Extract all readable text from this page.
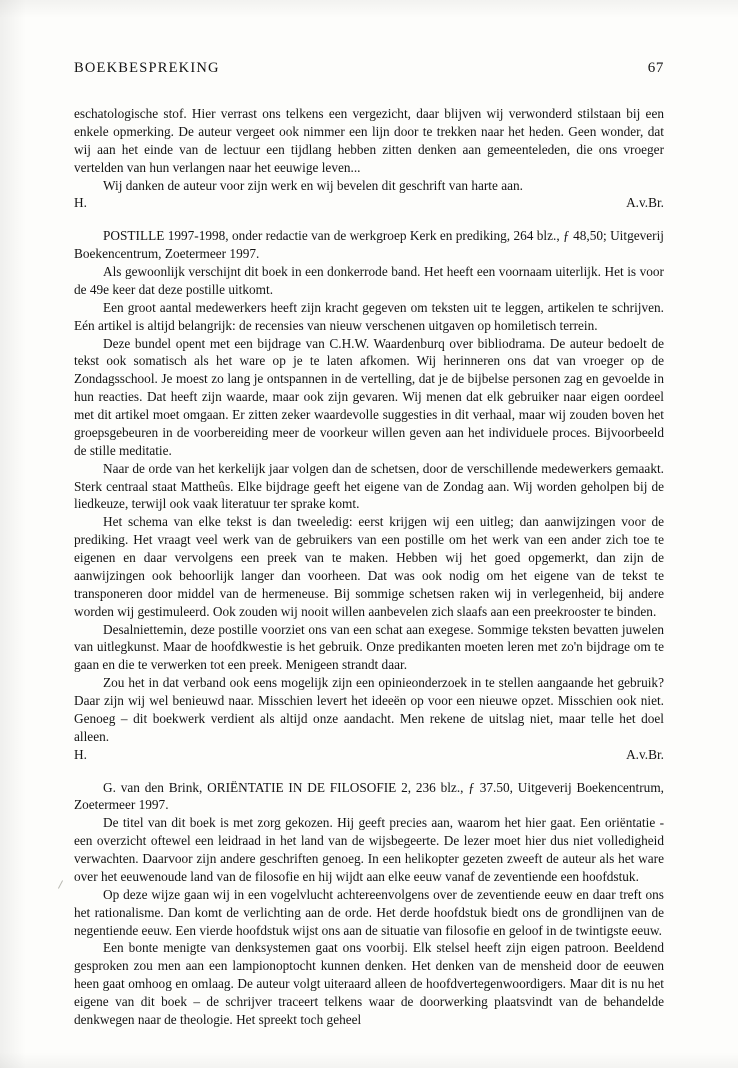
BOEKBESPREKING	67

eschatologische stof. Hier verrast ons telkens een vergezicht, daar blijven wij verwonderd stilstaan bij een enkele opmerking. De auteur vergeet ook nimmer een lijn door te trekken naar het heden. Geen wonder, dat wij aan het einde van de lectuur een tijdlang hebben zitten denken aan gemeenteleden, die ons vroeger vertelden van hun verlangen naar het eeuwige leven...

Wij danken de auteur voor zijn werk en wij bevelen dit geschrift van harte aan.

H.	A.v.Br.

POSTILLE 1997-1998, onder redactie van de werkgroep Kerk en prediking, 264 blz., ƒ 48,50; Uitgeverij Boekencentrum, Zoetermeer 1997.

Als gewoonlijk verschijnt dit boek in een donkerrode band. Het heeft een voornaam uiterlijk. Het is voor de 49e keer dat deze postille uitkomt.

Een groot aantal medewerkers heeft zijn kracht gegeven om teksten uit te leggen, artikelen te schrijven. Eén artikel is altijd belangrijk: de recensies van nieuw verschenen uitgaven op homiletisch terrein.

Deze bundel opent met een bijdrage van C.H.W. Waardenburq over bibliodrama. De auteur bedoelt de tekst ook somatisch als het ware op je te laten afkomen. Wij herinneren ons dat van vroeger op de Zondagsschool. Je moest zo lang je ontspannen in de vertelling, dat je de bijbelse personen zag en gevoelde in hun reacties. Dat heeft zijn waarde, maar ook zijn gevaren. Wij menen dat elk gebruiker naar eigen oordeel met dit artikel moet omgaan. Er zitten zeker waardevolle suggesties in dit verhaal, maar wij zouden boven het groepsgebeuren in de voorbereiding meer de voorkeur willen geven aan het individuele proces. Bijvoorbeeld de stille meditatie.

Naar de orde van het kerkelijk jaar volgen dan de schetsen, door de verschillende medewerkers gemaakt. Sterk centraal staat Mattheûs. Elke bijdrage geeft het eigene van de Zondag aan. Wij worden geholpen bij de liedkeuze, terwijl ook vaak literatuur ter sprake komt.

Het schema van elke tekst is dan tweeledig: eerst krijgen wij een uitleg; dan aanwijzingen voor de prediking. Het vraagt veel werk van de gebruikers van een postille om het werk van een ander zich toe te eigenen en daar vervolgens een preek van te maken. Hebben wij het goed opgemerkt, dan zijn de aanwijzingen ook behoorlijk langer dan voorheen. Dat was ook nodig om het eigene van de tekst te transponeren door middel van de hermeneuse. Bij sommige schetsen raken wij in verlegenheid, bij andere worden wij gestimuleerd. Ook zouden wij nooit willen aanbevelen zich slaafs aan een preekrooster te binden.

Desalniettemin, deze postille voorziet ons van een schat aan exegese. Sommige teksten bevatten juwelen van uitlegkunst. Maar de hoofdkwestie is het gebruik. Onze predikanten moeten leren met zo'n bijdrage om te gaan en die te verwerken tot een preek. Menigeen strandt daar.

Zou het in dat verband ook eens mogelijk zijn een opinieonderzoek in te stellen aangaande het gebruik? Daar zijn wij wel benieuwd naar. Misschien levert het ideeën op voor een nieuwe opzet. Misschien ook niet. Genoeg – dit boekwerk verdient als altijd onze aandacht. Men rekene de uitslag niet, maar telle het doel alleen.

H.	A.v.Br.

G. van den Brink, ORIËNTATIE IN DE FILOSOFIE 2, 236 blz., ƒ 37.50, Uitgeverij Boekencentrum, Zoetermeer 1997.

De titel van dit boek is met zorg gekozen. Hij geeft precies aan, waarom het hier gaat. Een oriëntatie - een overzicht oftewel een leidraad in het land van de wijsbegeerte. De lezer moet hier dus niet volledigheid verwachten. Daarvoor zijn andere geschriften genoeg. In een helikopter gezeten zweeft de auteur als het ware over het eeuwenoude land van de filosofie en hij wijdt aan elke eeuw vanaf de zeventiende een hoofdstuk.

Op deze wijze gaan wij in een vogelvlucht achtereenvolgens over de zeventiende eeuw en daar treft ons het rationalisme. Dan komt de verlichting aan de orde. Het derde hoofdstuk biedt ons de grondlijnen van de negentiende eeuw. Een vierde hoofdstuk wijst ons aan de situatie van filosofie en geloof in de twintigste eeuw.

Een bonte menigte van denksystemen gaat ons voorbij. Elk stelsel heeft zijn eigen patroon. Beeldend gesproken zou men aan een lampionoptocht kunnen denken. Het denken van de mensheid door de eeuwen heen gaat omhoog en omlaag. De auteur volgt uiteraard alleen de hoofdvertegenwoordigers. Maar dit is nu het eigene van dit boek – de schrijver traceert telkens waar de doorwerking plaatsvindt van de behandelde denkwegen naar de theologie. Het spreekt toch geheel
